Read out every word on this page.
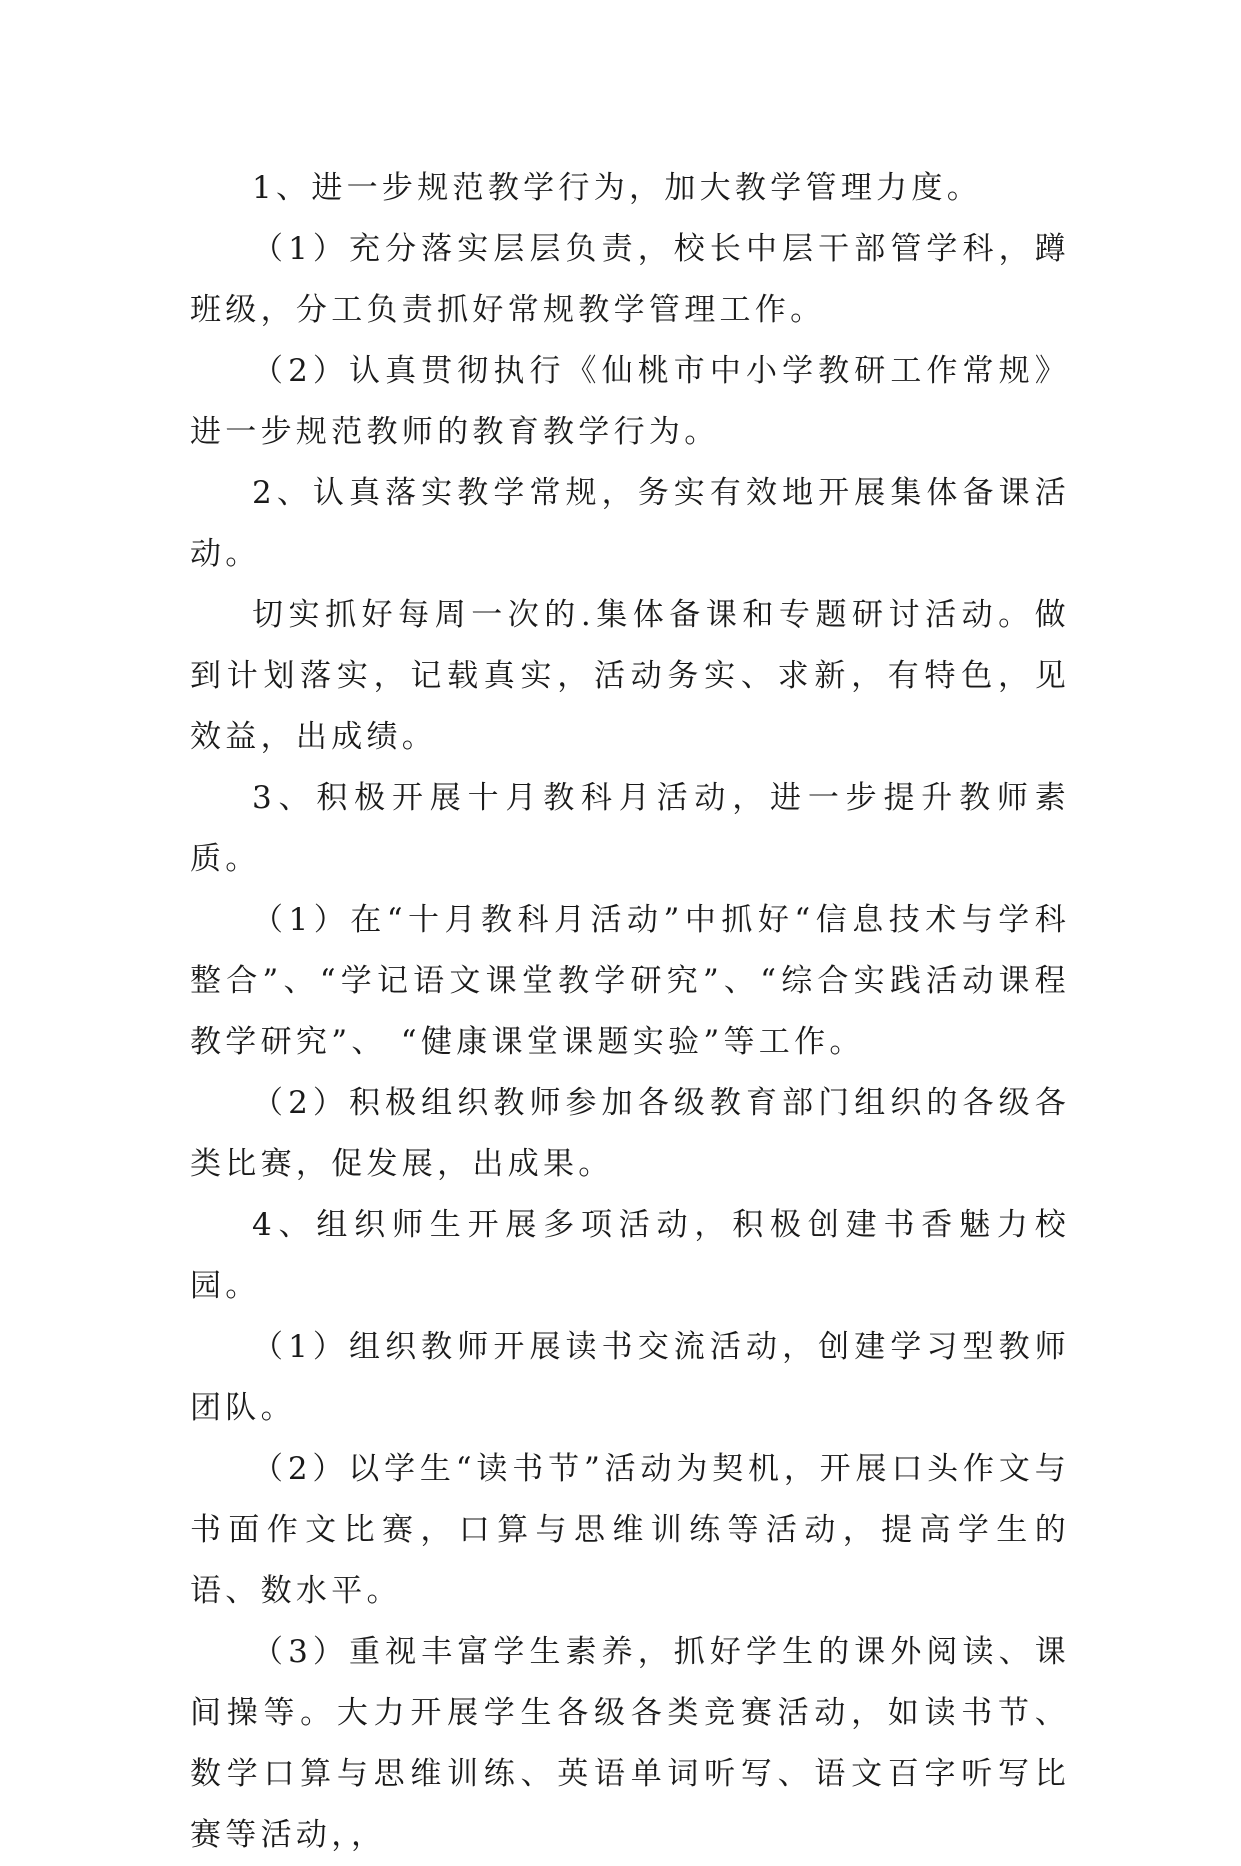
1、进一步规范教学行为，加大教学管理力度。

（1）充分落实层层负责，校长中层干部管学科，蹲班级，分工负责抓好常规教学管理工作。

（2）认真贯彻执行《仙桃市中小学教研工作常规》进一步规范教师的教育教学行为。

2、认真落实教学常规，务实有效地开展集体备课活动。

切实抓好每周一次的.集体备课和专题研讨活动。做到计划落实，记载真实，活动务实、求新，有特色，见效益，出成绩。

3、积极开展十月教科月活动，进一步提升教师素质。

（1）在“十月教科月活动”中抓好“信息技术与学科整合”、“学记语文课堂教学研究”、“综合实践活动课程教学研究”、 “健康课堂课题实验”等工作。

（2）积极组织教师参加各级教育部门组织的各级各类比赛，促发展，出成果。

4、组织师生开展多项活动，积极创建书香魅力校园。

（1）组织教师开展读书交流活动，创建学习型教师团队。

（2）以学生“读书节”活动为契机，开展口头作文与书面作文比赛，口算与思维训练等活动，提高学生的语、数水平。

（3）重视丰富学生素养，抓好学生的课外阅读、课间操等。大力开展学生各级各类竞赛活动，如读书节、数学口算与思维训练、英语单词听写、语文百字听写比赛等活动，，
